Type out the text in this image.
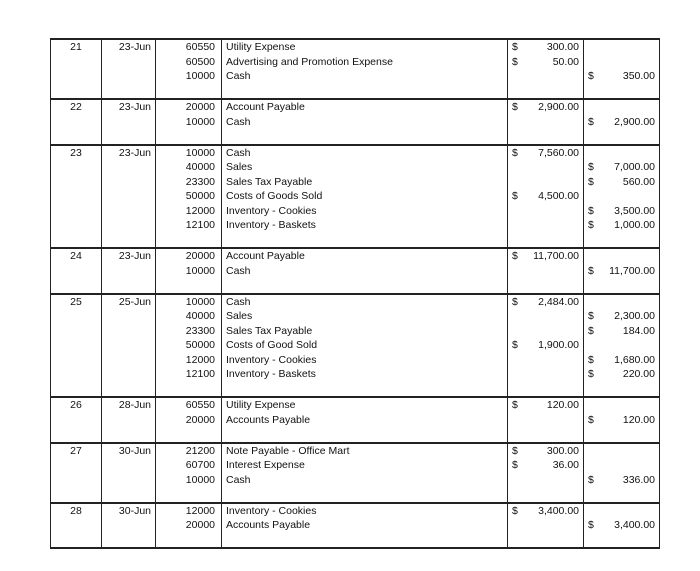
21	23-Jun	60550	Utility Expense	$ 300.00	

		60500	Advertising and Promotion Expense	$ 50.00	

		10000	Cash		$ 350.00

22	23-Jun	20000	Account Payable	$ 2,900.00	

		10000	Cash		$ 2,900.00

23	23-Jun	10000	Cash	$ 7,560.00	

		40000	Sales		$ 7,000.00

		23300	Sales Tax Payable		$ 560.00

		50000	Costs of Goods Sold	$ 4,500.00	

		12000	Inventory - Cookies		$ 3,500.00

		12100	Inventory - Baskets		$ 1,000.00

24	23-Jun	20000	Account Payable	$ 11,700.00	

		10000	Cash		$ 11,700.00

25	25-Jun	10000	Cash	$ 2,484.00	

		40000	Sales		$ 2,300.00

		23300	Sales Tax Payable		$ 184.00

		50000	Costs of Good Sold	$ 1,900.00	

		12000	Inventory - Cookies		$ 1,680.00

		12100	Inventory - Baskets		$ 220.00

26	28-Jun	60550	Utility Expense	$ 120.00	

		20000	Accounts Payable		$ 120.00

27	30-Jun	21200	Note Payable - Office Mart	$ 300.00	

		60700	Interest Expense	$ 36.00	

		10000	Cash		$ 336.00

28	30-Jun	12000	Inventory - Cookies	$ 3,400.00	

		20000	Accounts Payable		$ 3,400.00
